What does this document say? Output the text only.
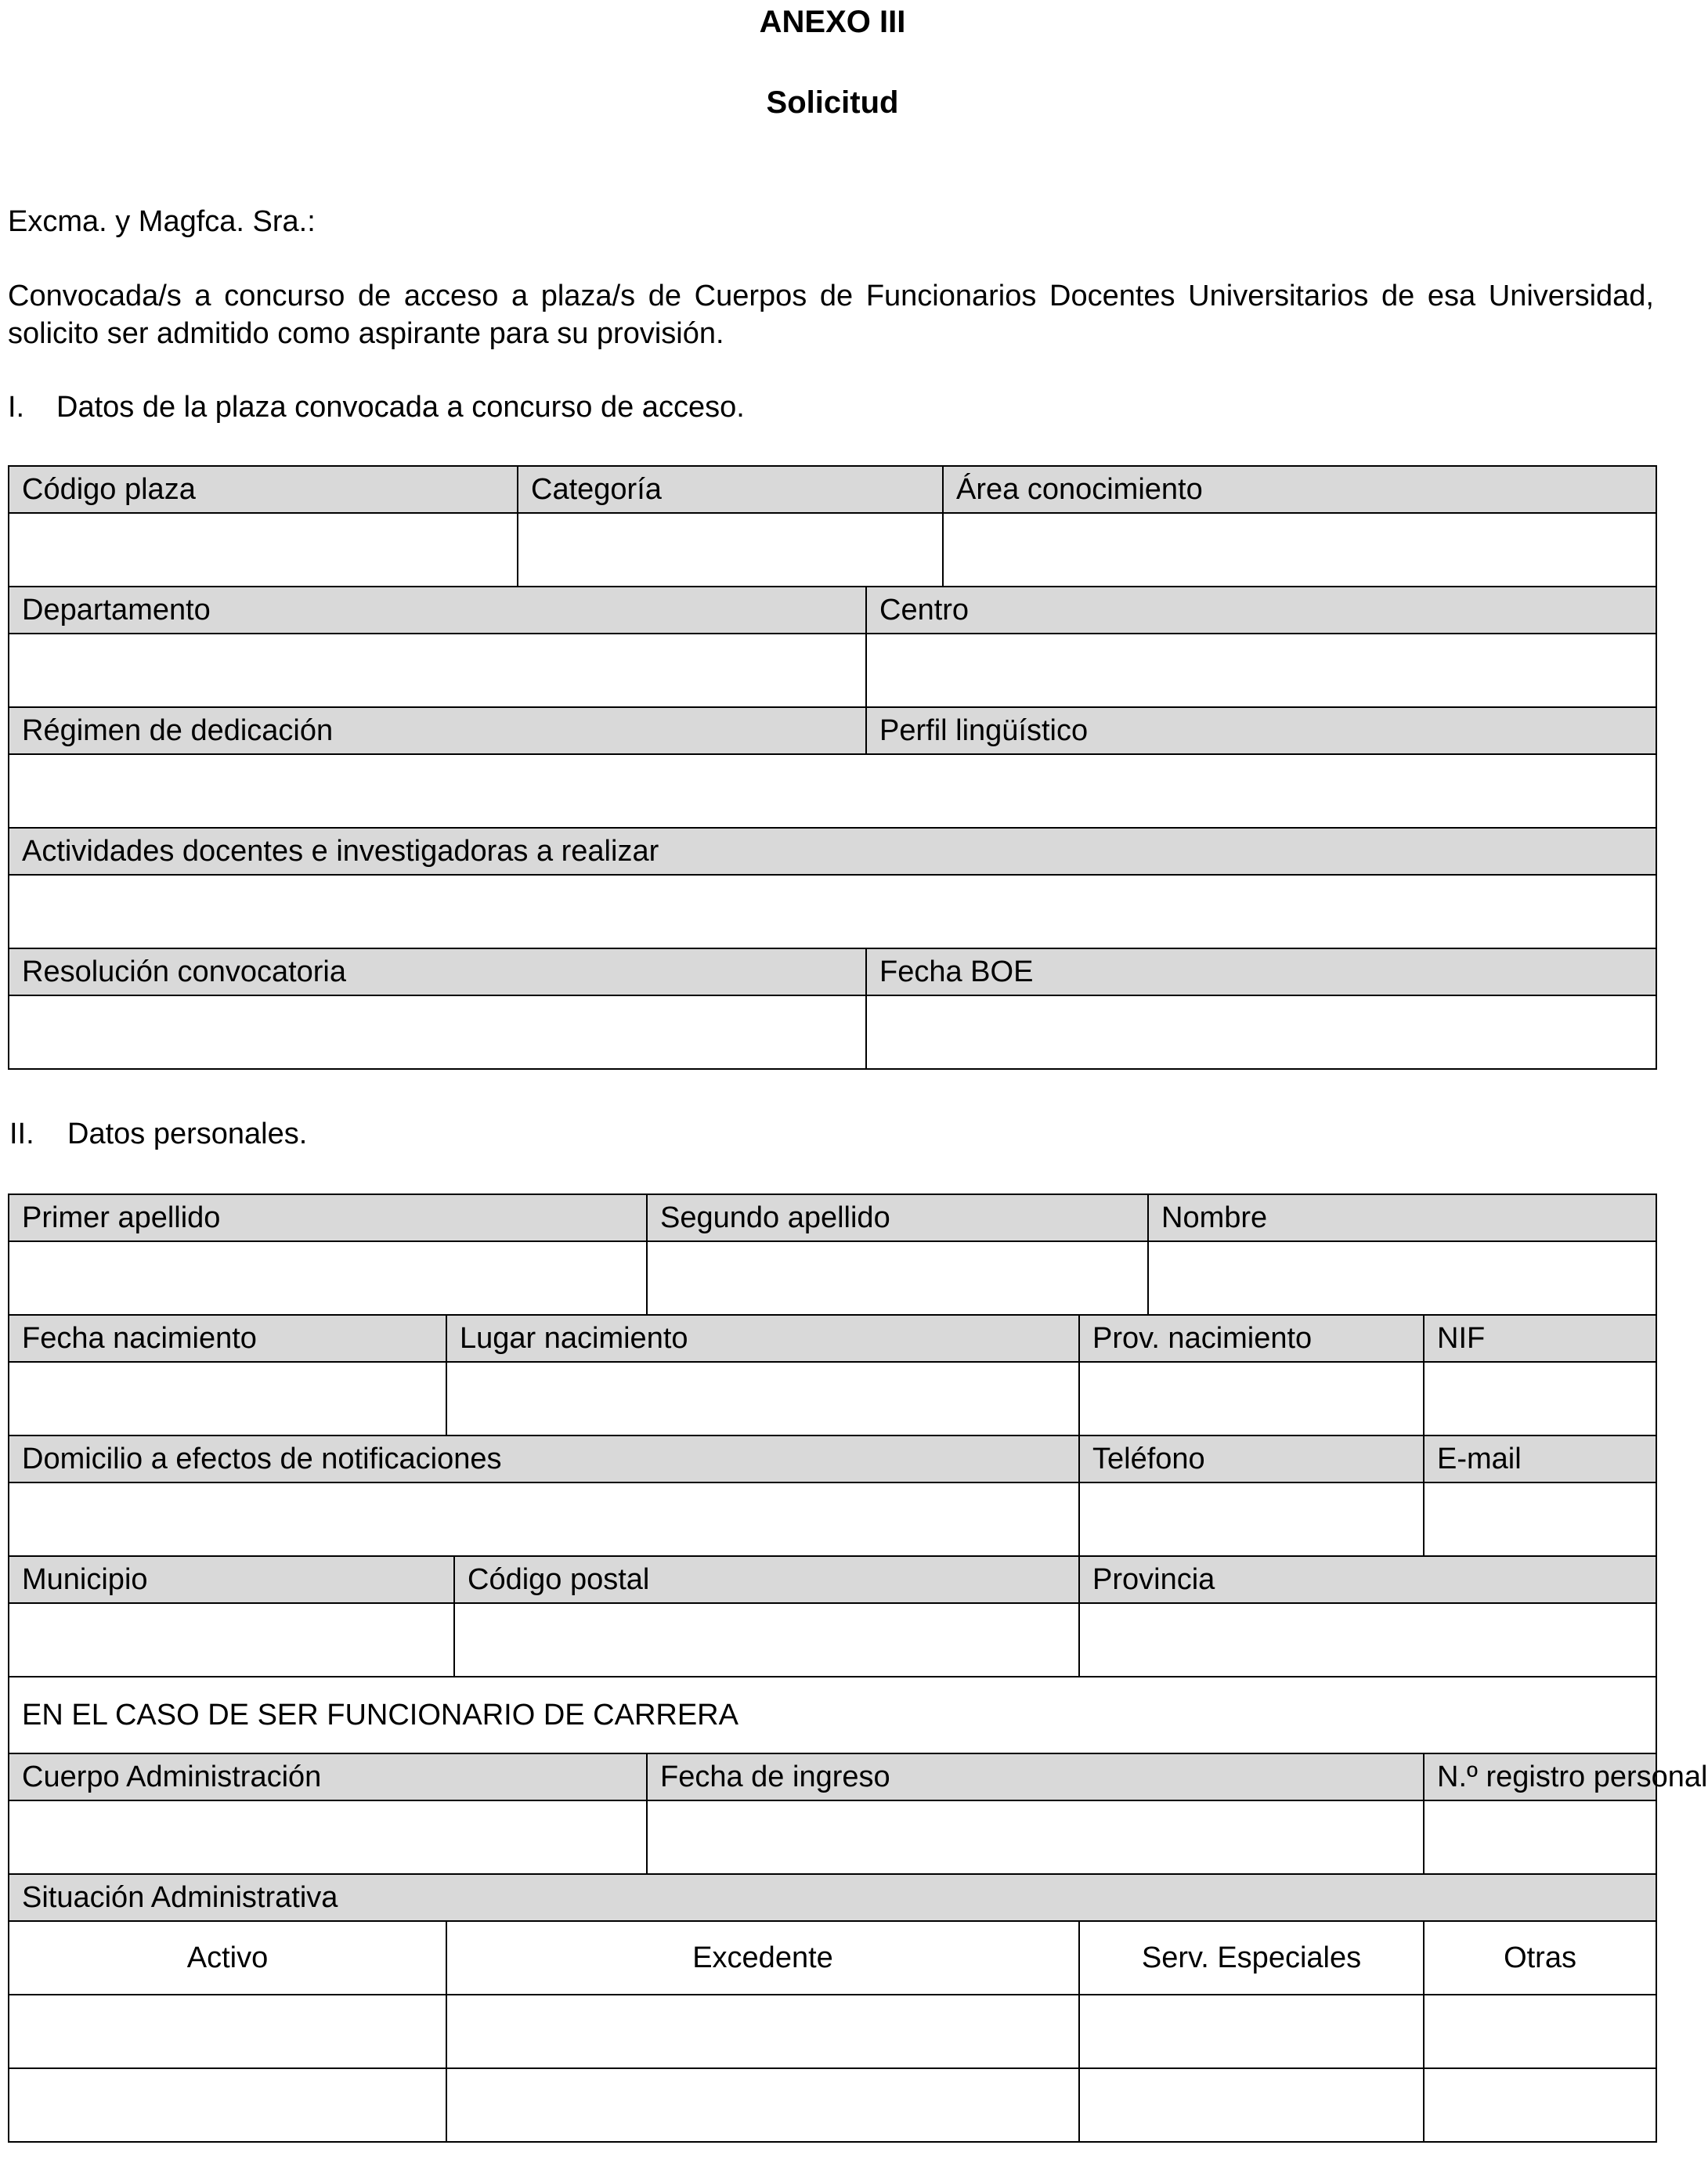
ANEXO III
Solicitud
Excma. y Magfca. Sra.:
Convocada/s a concurso de acceso a plaza/s de Cuerpos de Funcionarios Docentes Universitarios de esa Universidad, solicito ser admitido como aspirante para su provisión.
I. Datos de la plaza convocada a concurso de acceso.
Código plaza	Categoría		Área conocimiento

Departamento		Centro	

Régimen de dedicación		Perfil lingüístico	

Actividades docentes e investigadoras a realizar			

Resolución convocatoria		Fecha BOE	

II. Datos personales.
Primer apellido			Segundo apellido		Nombre	

Fecha nacimiento	Lugar nacimiento			Prov. nacimiento		NIF

Domicilio a efectos de notificaciones				Teléfono		E-mail

Municipio		Código postal		Provincia		

EN EL CASO DE SER FUNCIONARIO DE CARRERA						
Cuerpo Administración			Fecha de ingreso			N.º registro personal

Situación Administrativa						
Activo	Excedente			Serv. Especiales		Otras
